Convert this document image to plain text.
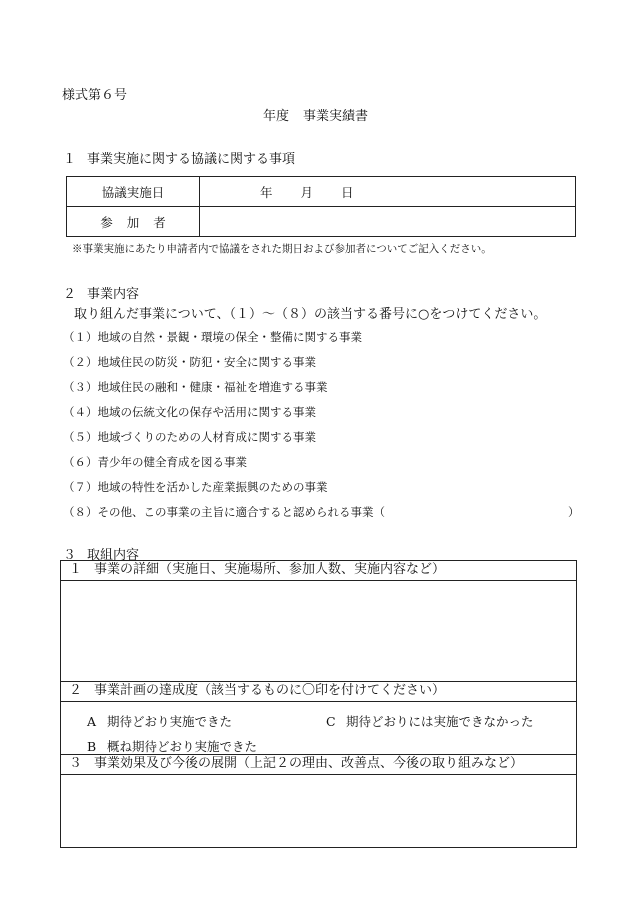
様式第６号
年度 事業実績書
１ 事業実施に関する協議に関する事項
協議実施日	年 月 日
参 加 者	
※事業実施にあたり申請者内で協議をされた期日および参加者についてご記入ください。
２ 事業内容
取り組んだ事業について、（１）～（８）の該当する番号に○をつけてください。
（１）地域の自然・景観・環境の保全・整備に関する事業
（２）地域住民の防災・防犯・安全に関する事業
（３）地域住民の融和・健康・福祉を増進する事業
（４）地域の伝統文化の保存や活用に関する事業
（５）地域づくりのための人材育成に関する事業
（６）青少年の健全育成を図る事業
（７）地域の特性を活かした産業振興のための事業
（８）その他、この事業の主旨に適合すると認められる事業（	）
３ 取組内容
１ 事業の詳細（実施日、実施場所、参加人数、実施内容など）
２ 事業計画の達成度（該当するものに〇印を付けてください）
A 期待どおり実施できた
B 概ね期待どおり実施できた
C 期待どおりには実施できなかった
３ 事業効果及び今後の展開（上記２の理由、改善点、今後の取り組みなど）
